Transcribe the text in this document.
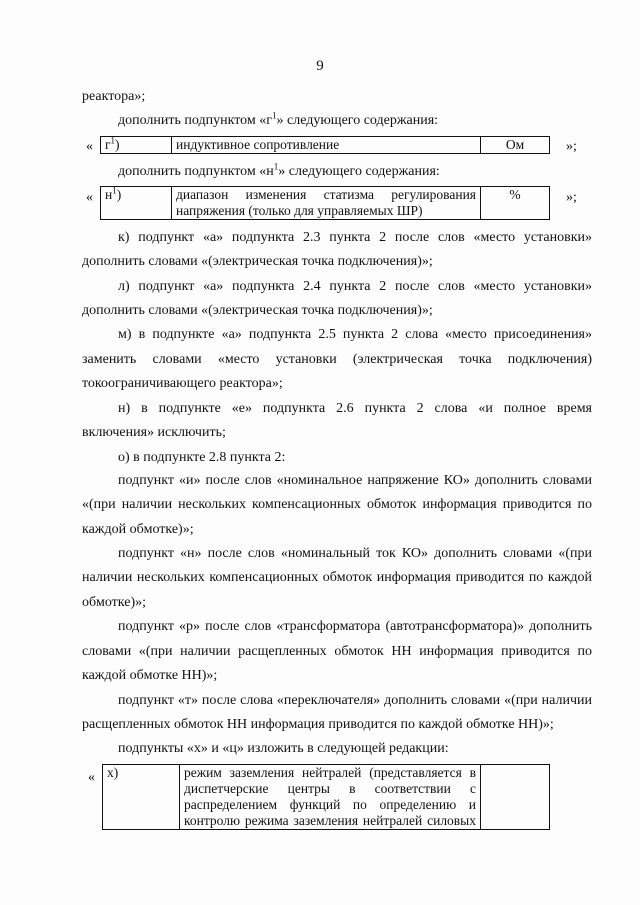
9
реактора»;
дополнить подпунктом «$г^1$» следующего содержания:
« $г^1$)	индуктивное сопротивление	Ом	»;
дополнить подпунктом «$н^1$» следующего содержания:
« $н^1$)	диапазон изменения статизма регулирования
напряжения (только для управляемых ШР)
	%	»;
к) подпункт «а» подпункта 2.3 пункта 2 после слов «место установки»
дополнить словами «(электрическая точка подключения)»;
л) подпункт «а» подпункта 2.4 пункта 2 после слов «место установки»
дополнить словами «(электрическая точка подключения)»;
м) в подпункте «а» подпункта 2.5 пункта 2 слова «место присоединения»
заменить словами «место установки (электрическая точка подключения)
токоограничивающего реактора»;
н) в подпункте «е» подпункта 2.6 пункта 2 слова «и полное время
включения» исключить;
о) в подпункте 2.8 пункта 2:
подпункт «и» после слов «номинальное напряжение КО» дополнить словами
«(при наличии нескольких компенсационных обмоток информация приводится по
каждой обмотке)»;
подпункт «н» после слов «номинальный ток КО» дополнить словами «(при
наличии нескольких компенсационных обмоток информация приводится по каждой
обмотке)»;
подпункт «р» после слов «трансформатора (автотрансформатора)» дополнить
словами «(при наличии расщепленных обмоток НН информация приводится по
каждой обмотке НН)»;
подпункт «т» после слова «переключателя» дополнить словами «(при наличии
расщепленных обмоток НН информация приводится по каждой обмотке НН)»;
подпункты «х» и «ц» изложить в следующей редакции:
« х)	режим заземления нейтралей (представляется в
диспетчерские центры в соответствии с
распределением функций по определению и
контролю режима заземления нейтралей силовых
